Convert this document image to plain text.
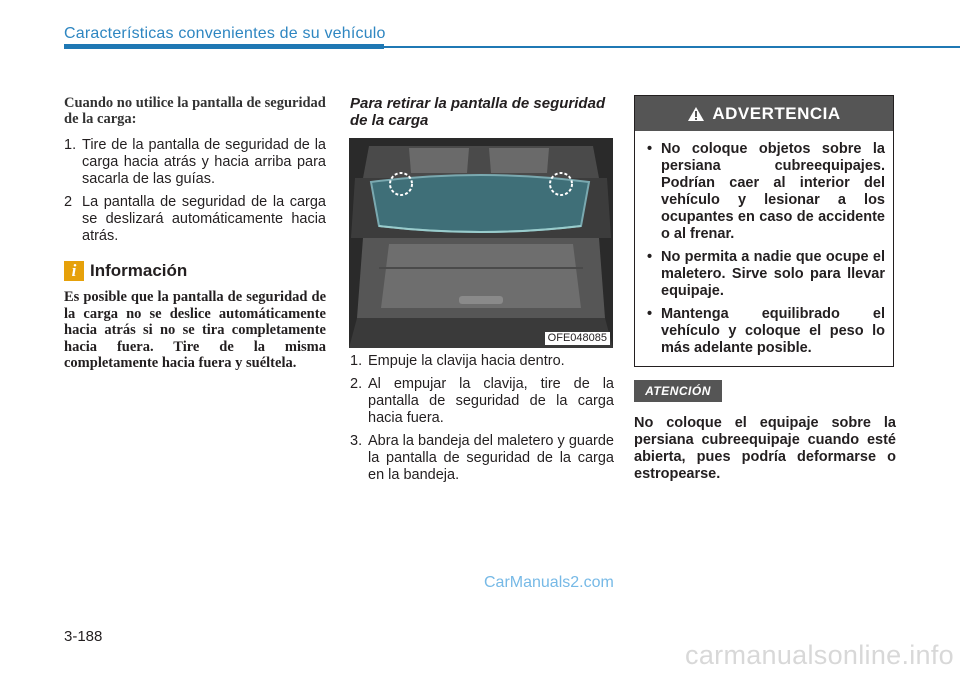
Características convenientes de su vehículo
Cuando no utilice la pantalla de seguridad de la carga:
1. Tire de la pantalla de seguridad de la carga hacia atrás y hacia arriba para sacarla de las guías.
2 La pantalla de seguridad de la carga se deslizará automáticamente hacia atrás.
i Información
Es posible que la pantalla de seguridad de la carga no se deslice automáticamente hacia atrás si no se tira completamente hacia fuera. Tire de la misma completamente hacia fuera y suéltela.
Para retirar la pantalla de seguridad de la carga
OFE048085
1. Empuje la clavija hacia dentro.
2. Al empujar la clavija, tire de la pantalla de seguridad de la carga hacia fuera.
3. Abra la bandeja del maletero y guarde la pantalla de seguridad de la carga en la bandeja.
ADVERTENCIA
• No coloque objetos sobre la persiana cubreequipajes. Podrían caer al interior del vehículo y lesionar a los ocupantes en caso de accidente o al frenar.
• No permita a nadie que ocupe el maletero. Sirve solo para llevar equipaje.
• Mantenga equilibrado el vehículo y coloque el peso lo más adelante posible.
ATENCIÓN
No coloque el equipaje sobre la persiana cubreequipaje cuando esté abierta, pues podría deformarse o estropearse.
CarManuals2.com
3-188
carmanualsonline.info
